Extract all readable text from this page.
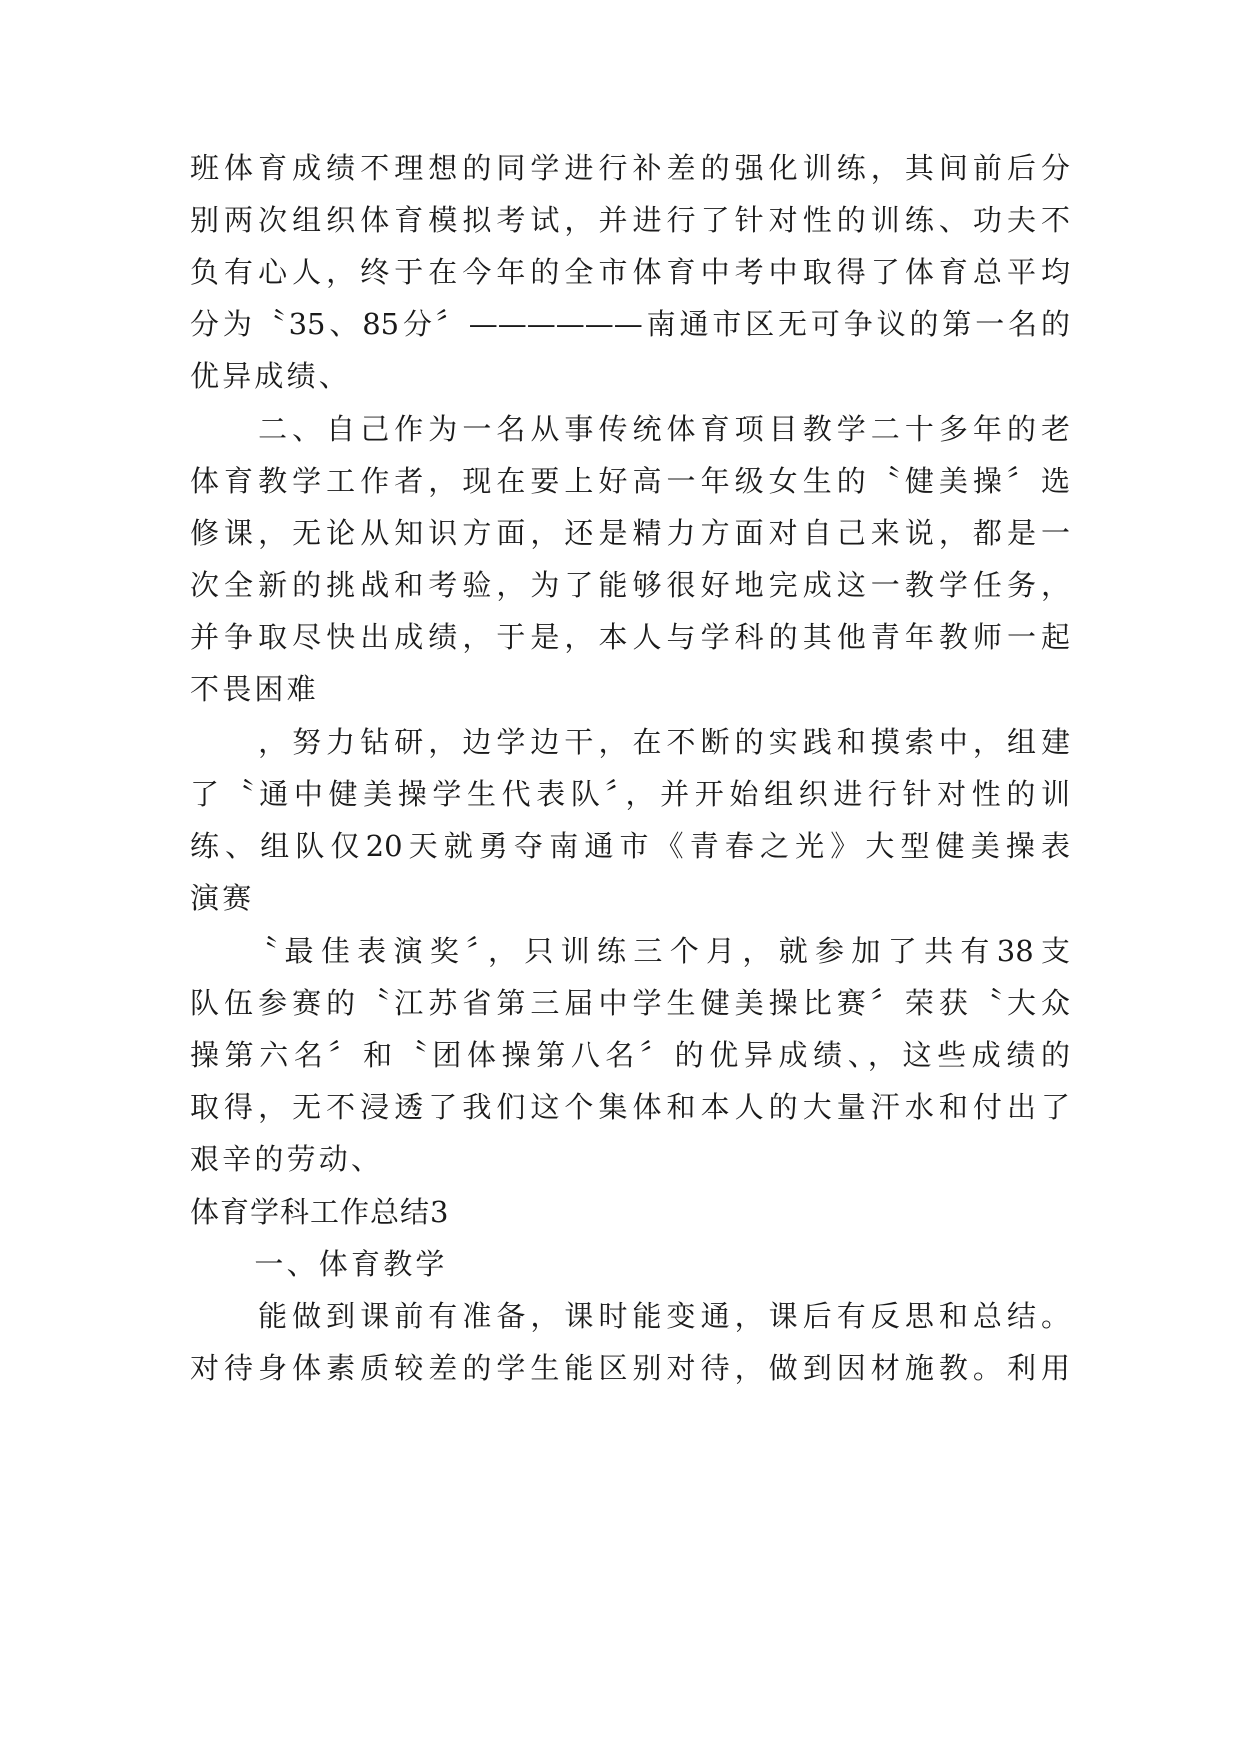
班体育成绩不理想的同学进行补差的强化训练，其间前后分
别两次组织体育模拟考试，并进行了针对性的训练、功夫不
负有心人，终于在今年的全市体育中考中取得了体育总平均
分为〝35、85分〞——————南通市区无可争议的第一名的
优异成绩、
　　二、自己作为一名从事传统体育项目教学二十多年的老
体育教学工作者，现在要上好高一年级女生的〝健美操〞选
修课，无论从知识方面，还是精力方面对自己来说，都是一
次全新的挑战和考验，为了能够很好地完成这一教学任务，
并争取尽快出成绩，于是，本人与学科的其他青年教师一起
不畏困难
　　，努力钻研，边学边干，在不断的实践和摸索中，组建
了〝通中健美操学生代表队〞，并开始组织进行针对性的训
练、组队仅20天就勇夺南通市《青春之光》大型健美操表
演赛
　　〝最佳表演奖〞，只训练三个月，就参加了共有38支
队伍参赛的〝江苏省第三届中学生健美操比赛〞荣获〝大众
操第六名〞和〝团体操第八名〞的优异成绩、，这些成绩的
取得，无不浸透了我们这个集体和本人的大量汗水和付出了
艰辛的劳动、
体育学科工作总结3
　　一、体育教学
　　能做到课前有准备，课时能变通，课后有反思和总结。
对待身体素质较差的学生能区别对待，做到因材施教。利用
